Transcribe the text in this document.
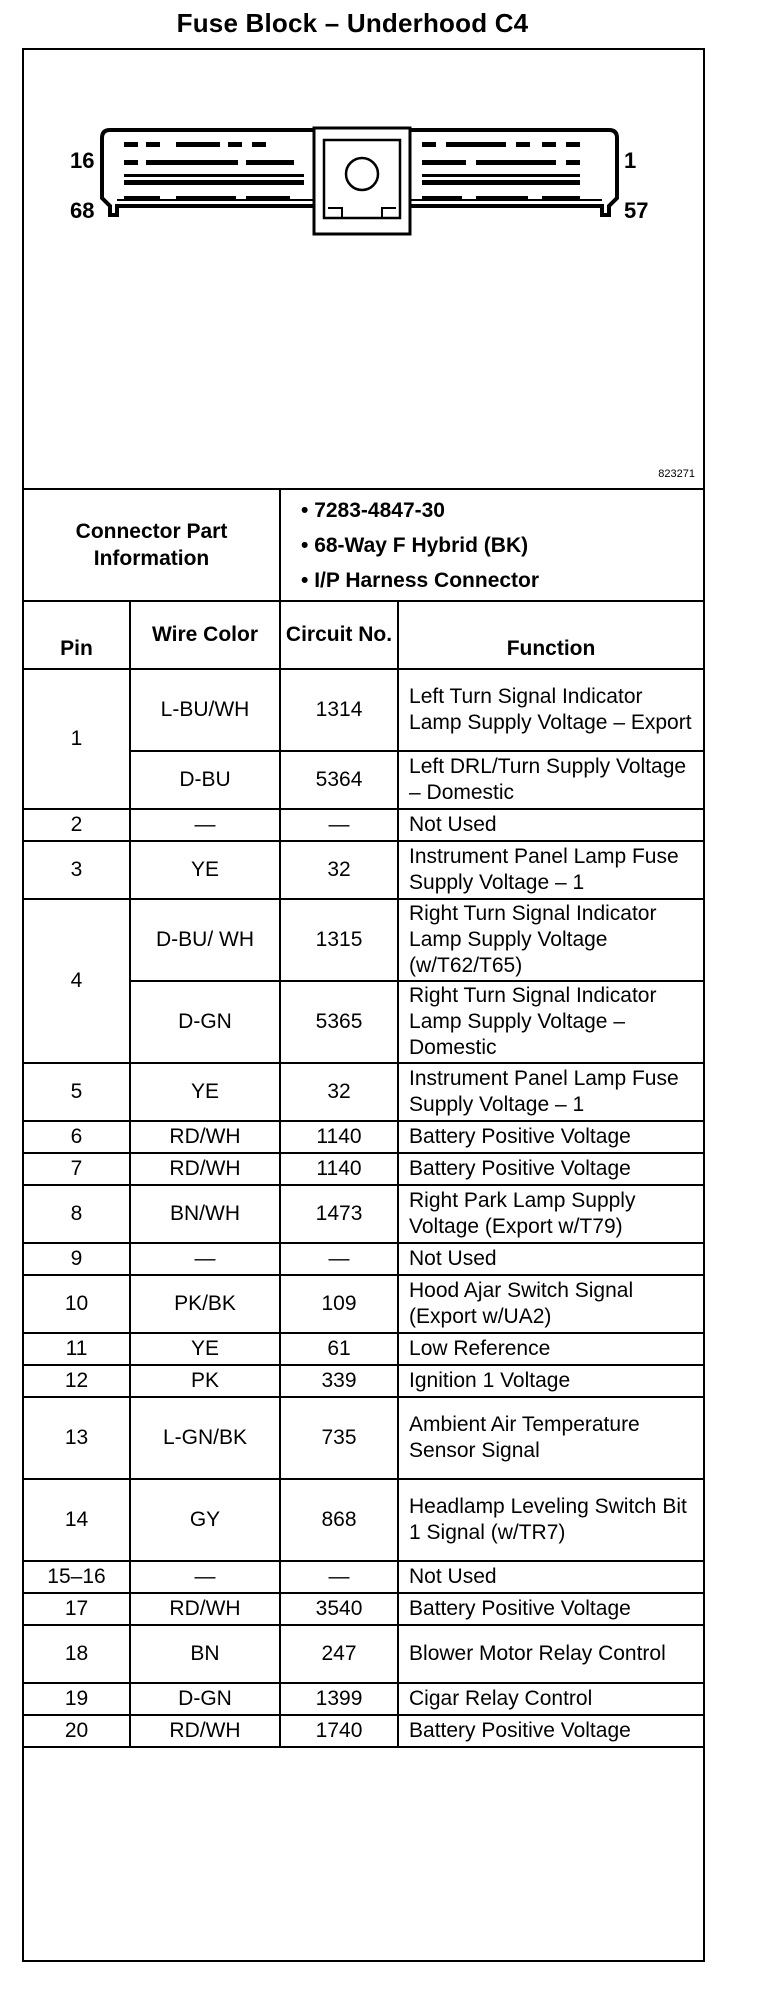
Fuse Block – Underhood C4
16	1
68	57
823271
Connector Part Information		• 7283-4847-30
• 68-Way F Hybrid (BK)
• I/P Harness Connector	

Pin	Wire Color	Circuit No.	Function
1	L-BU/WH	1314	Left Turn Signal Indicator Lamp Supply Voltage – Export
	D-BU	5364	Left DRL/Turn Supply Voltage – Domestic
2	—	—	Not Used
3	YE	32	Instrument Panel Lamp Fuse Supply Voltage – 1
4	D-BU/ WH	1315	Right Turn Signal Indicator Lamp Supply Voltage (w/T62/T65)
	D-GN	5365	Right Turn Signal Indicator Lamp Supply Voltage – Domestic
5	YE	32	Instrument Panel Lamp Fuse Supply Voltage – 1
6	RD/WH	1140	Battery Positive Voltage
7	RD/WH	1140	Battery Positive Voltage
8	BN/WH	1473	Right Park Lamp Supply Voltage (Export w/T79)
9	—	—	Not Used
10	PK/BK	109	Hood Ajar Switch Signal (Export w/UA2)
11	YE	61	Low Reference
12	PK	339	Ignition 1 Voltage
13	L-GN/BK	735	Ambient Air Temperature Sensor Signal
14	GY	868	Headlamp Leveling Switch Bit 1 Signal (w/TR7)
15–16	—	—	Not Used
17	RD/WH	3540	Battery Positive Voltage
18	BN	247	Blower Motor Relay Control
19	D-GN	1399	Cigar Relay Control
20	RD/WH	1740	Battery Positive Voltage
